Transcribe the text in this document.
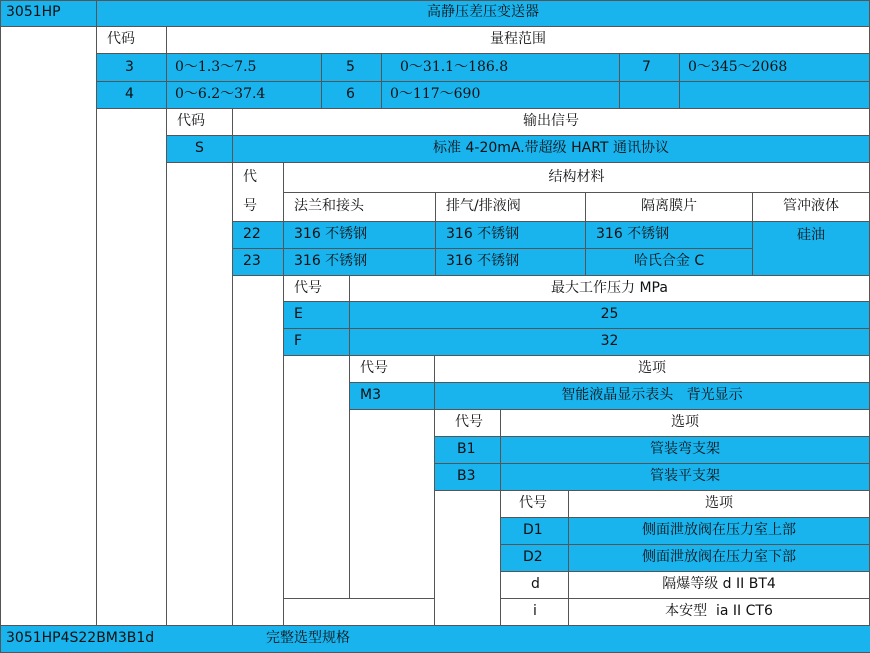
3051HP	高静压差压变送器
代码	量程范围
3	0～1.3～7.5	5	0～31.1～186.8	7	0～345～2068
4	0～6.2～37.4	6	0～117～690
代码	输出信号
S	标准 4-20mA.带超级 HART 通讯协议
代
号
结构材料
法兰和接头	排气/排液阀	隔离膜片	管冲液体
22	316 不锈钢	316 不锈钢	316 不锈钢	硅油
23	316 不锈钢	316 不锈钢	哈氏合金 C
代号	最大工作压力 MPa
E	25
F	32
代号	选项
M3	智能液晶显示表头   背光显示
代号	选项
B1	管装弯支架
B3	管装平支架
代号	选项
D1	侧面泄放阀在压力室上部
D2	侧面泄放阀在压力室下部
d	隔爆等级 d II BT4
i	本安型  ia II CT6
3051HP4S22BM3B1d	完整选型规格
